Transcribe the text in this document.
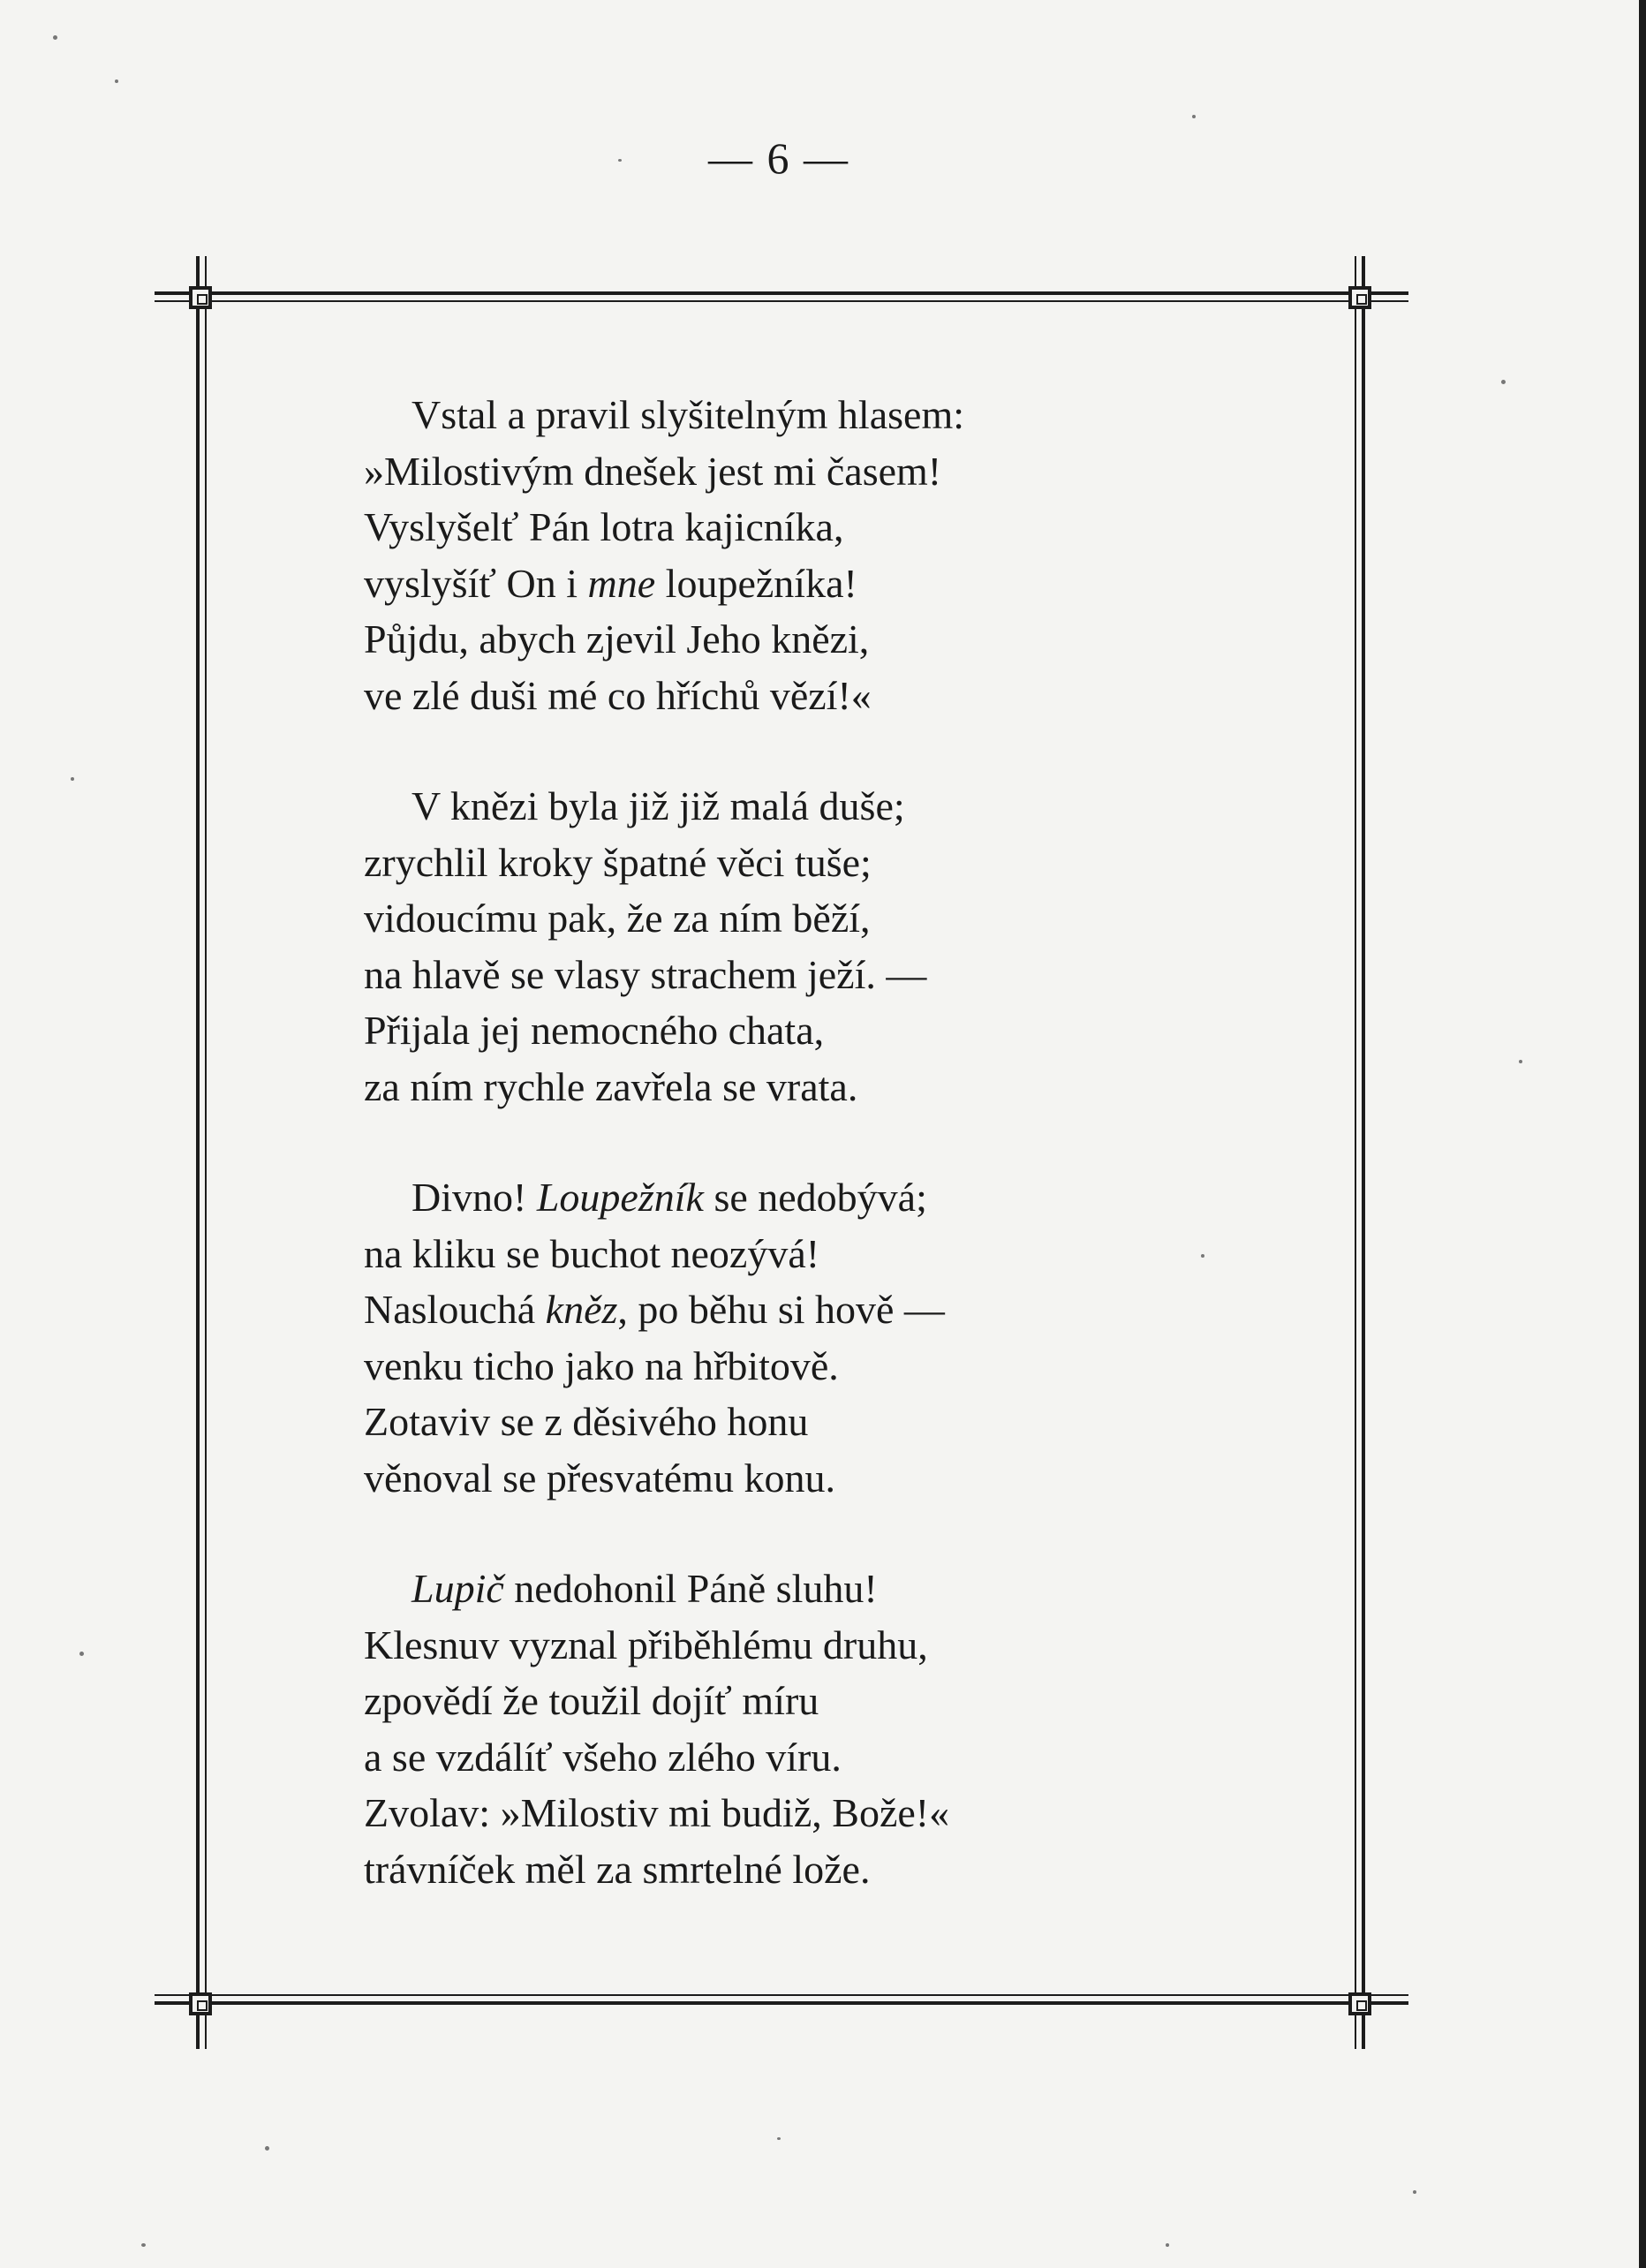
— 6 —
Vstal a pravil slyšitelným hlasem:
»Milostivým dnešek jest mi časem!
Vyslyšelť Pán lotra kajicníka,
vyslyšíť On i mne loupežníka!
Půjdu, abych zjevil Jeho knězi,
ve zlé duši mé co hříchů vězí!«
V knězi byla již již malá duše;
zrychlil kroky špatné věci tuše;
vidoucímu pak, že za ním běží,
na hlavě se vlasy strachem ježí. —
Přijala jej nemocného chata,
za ním rychle zavřela se vrata.
Divno! Loupežník se nedobývá;
na kliku se buchot neozývá!
Naslouchá kněz, po běhu si hově —
venku ticho jako na hřbitově.
Zotaviv se z děsivého honu
věnoval se přesvatému konu.
Lupič nedohonil Páně sluhu!
Klesnuv vyznal přiběhlému druhu,
zpovědí že toužil dojíť míru
a se vzdálíť všeho zlého víru.
Zvolav: »Milostiv mi budiž, Bože!«
trávníček měl za smrtelné lože.
